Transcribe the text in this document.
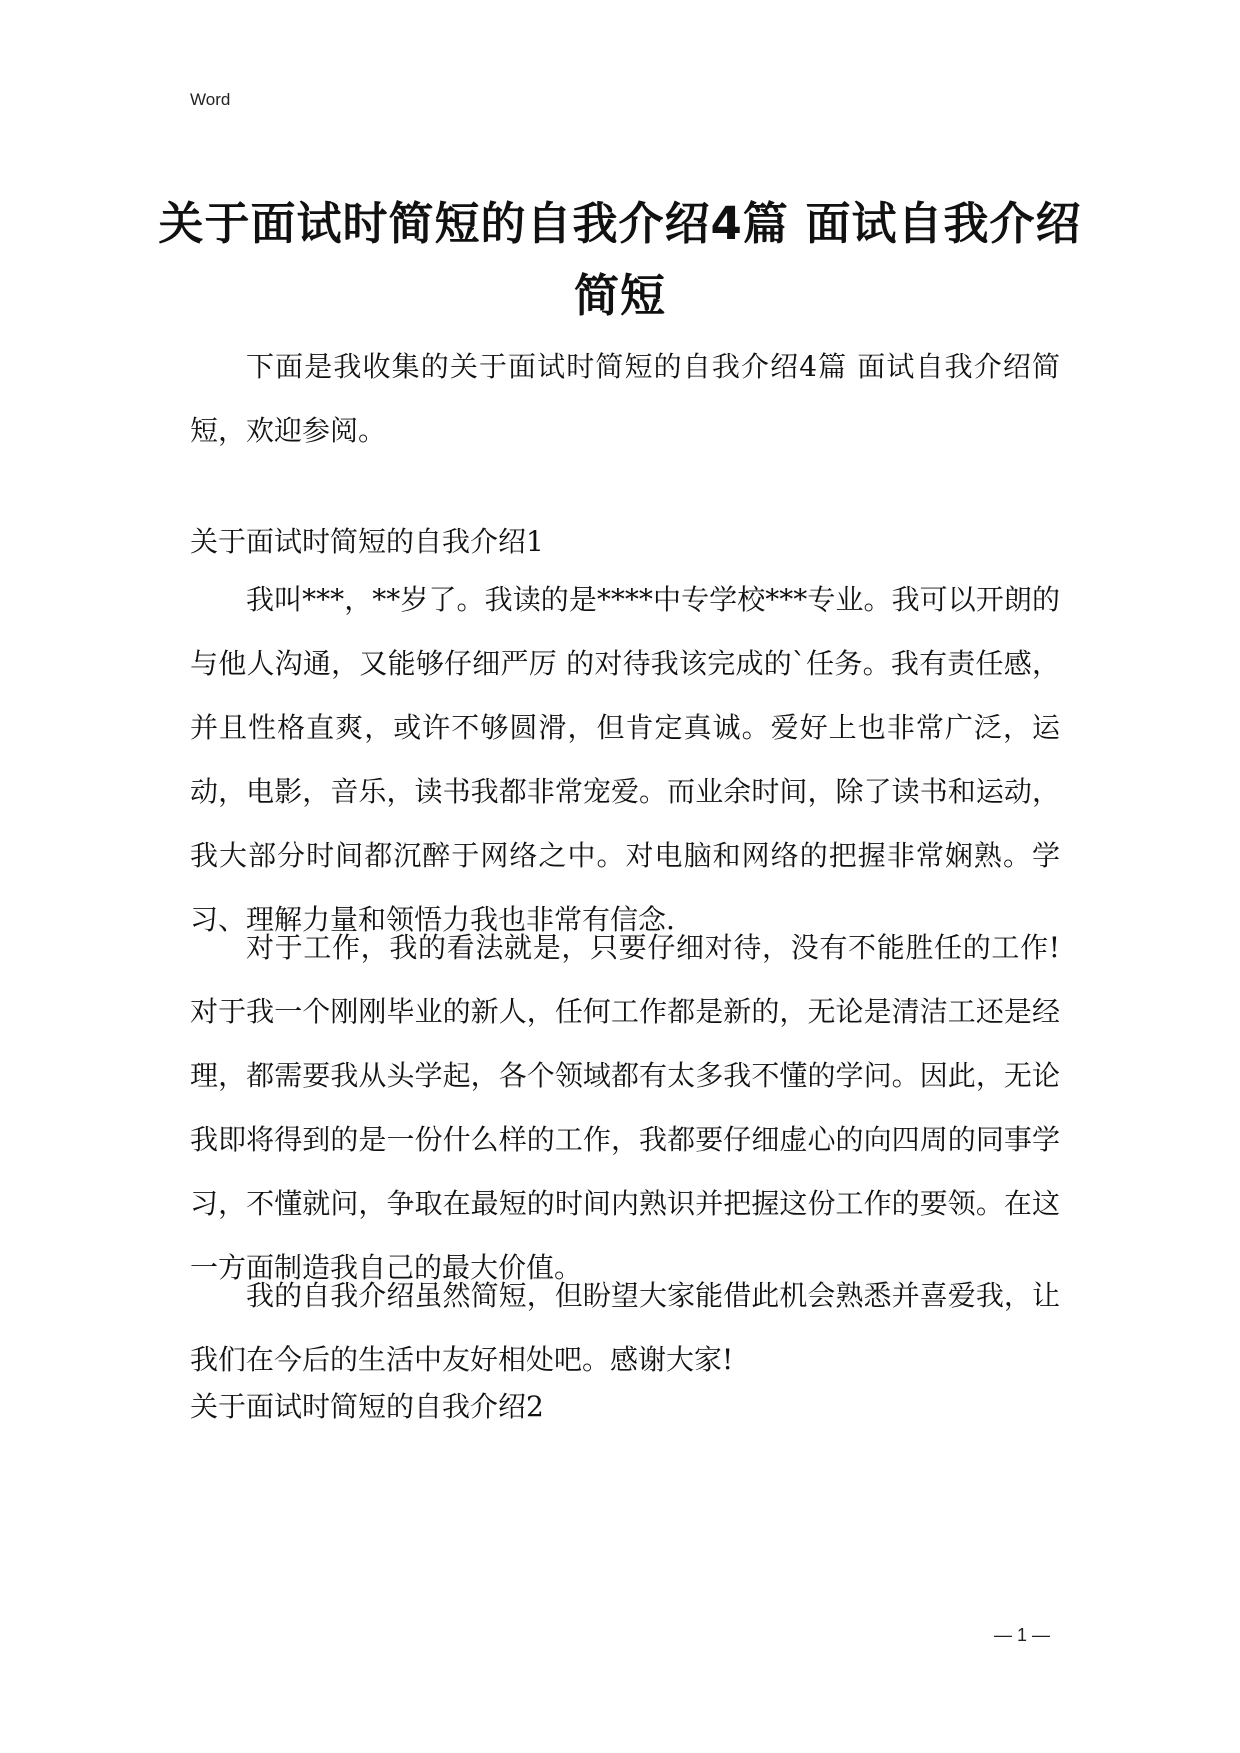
Word
关于面试时简短的自我介绍4篇 面试自我介绍 简短

下面是我收集的关于面试时简短的自我介绍4篇 面试自我介绍简短，欢迎参阅。

关于面试时简短的自我介绍1

我叫***，**岁了。我读的是****中专学校***专业。我可以开朗的与他人沟通，又能够仔细严厉 的对待我该完成的`任务。我有责任感，并且性格直爽，或许不够圆滑，但肯定真诚。爱好上也非常广泛，运动，电影，音乐，读书我都非常宠爱。而业余时间，除了读书和运动，我大部分时间都沉醉于网络之中。对电脑和网络的把握非常娴熟。学习、理解力量和领悟力我也非常有信念.

对于工作，我的看法就是，只要仔细对待，没有不能胜任的工作!对于我一个刚刚毕业的新人，任何工作都是新的，无论是清洁工还是经理，都需要我从头学起，各个领域都有太多我不懂的学问。因此，无论我即将得到的是一份什么样的工作，我都要仔细虚心的向四周的同事学习，不懂就问，争取在最短的时间内熟识并把握这份工作的要领。在这一方面制造我自己的最大价值。

我的自我介绍虽然简短，但盼望大家能借此机会熟悉并喜爱我，让我们在今后的生活中友好相处吧。感谢大家!

关于面试时简短的自我介绍2

— 1 —
